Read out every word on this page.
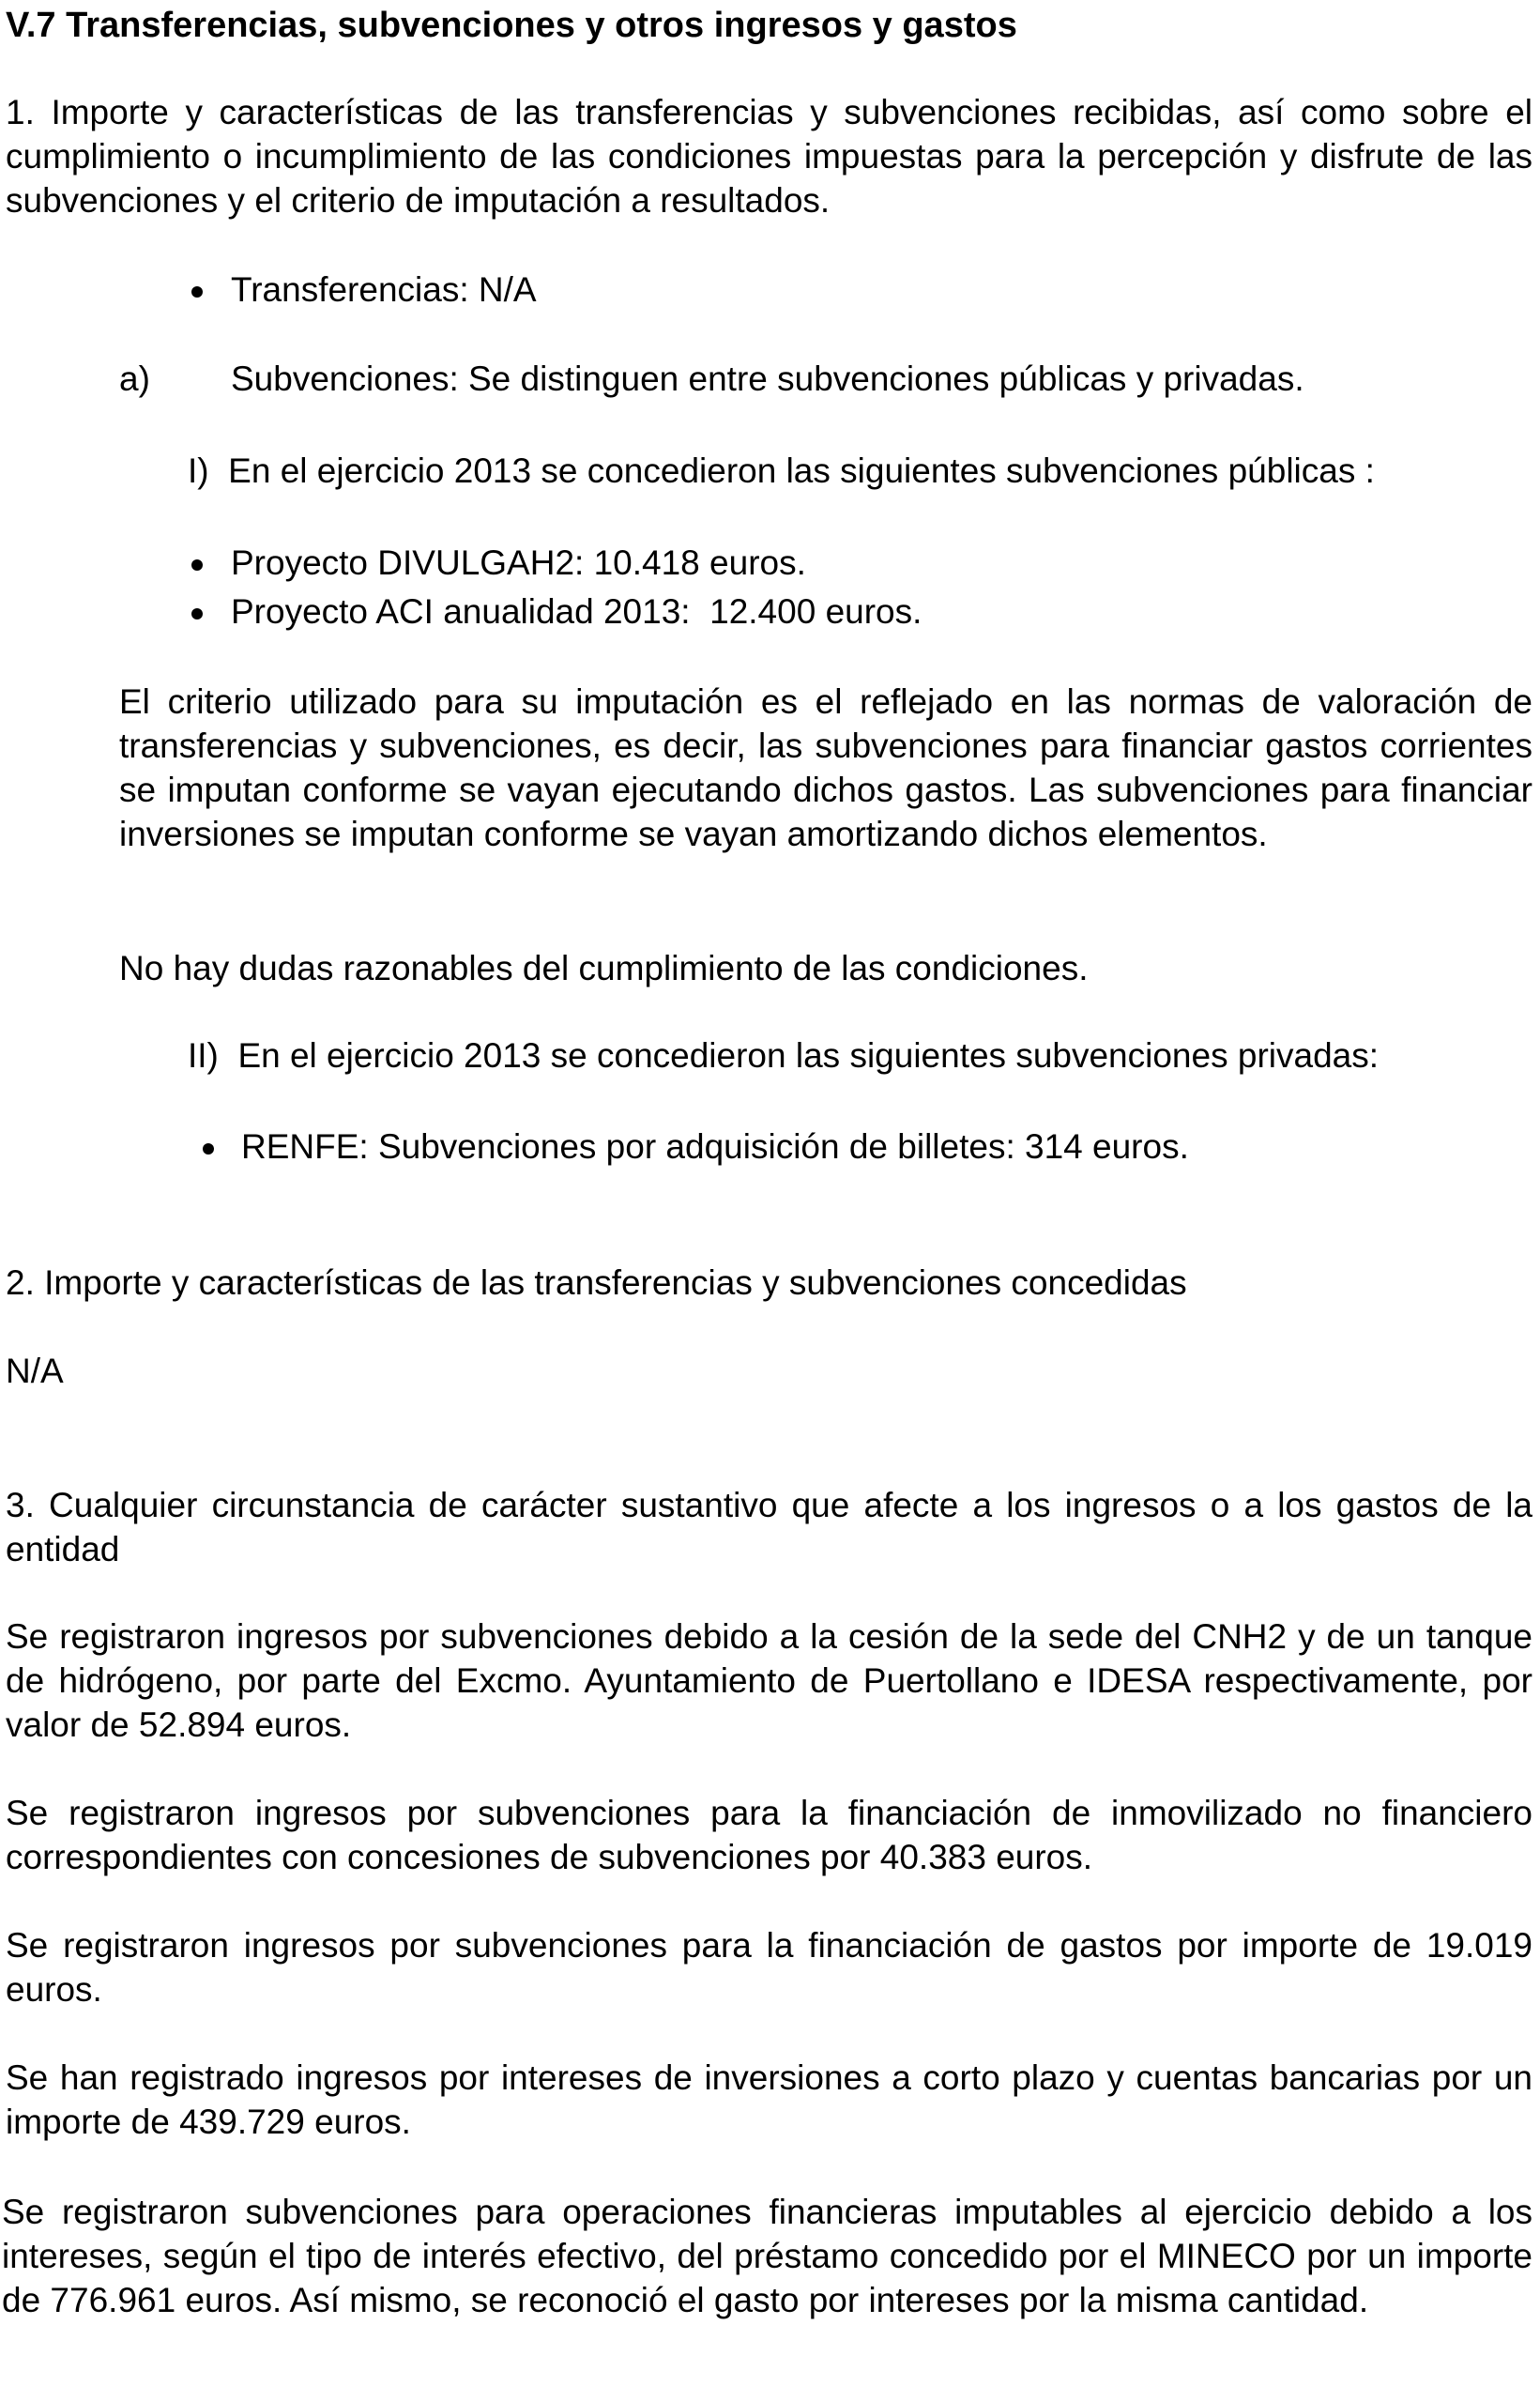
V.7 Transferencias, subvenciones y otros ingresos y gastos

1. Importe y características de las transferencias y subvenciones recibidas, así como sobre el cumplimiento o incumplimiento de las condiciones impuestas para la percepción y disfrute de las subvenciones y el criterio de imputación a resultados.

Transferencias: N/A

a) Subvenciones: Se distinguen entre subvenciones públicas y privadas.

I)  En el ejercicio 2013 se concedieron las siguientes subvenciones públicas :

Proyecto DIVULGAH2: 10.418 euros.

Proyecto ACI anualidad 2013:  12.400 euros.

El criterio utilizado para su imputación es el reflejado en las normas de valoración de transferencias y subvenciones, es decir, las subvenciones para financiar gastos corrientes se imputan conforme se vayan ejecutando dichos gastos. Las subvenciones para financiar inversiones se imputan conforme se vayan amortizando dichos elementos.

No hay dudas razonables del cumplimiento de las condiciones.

II)  En el ejercicio 2013 se concedieron las siguientes subvenciones privadas:

RENFE: Subvenciones por adquisición de billetes: 314 euros.

2. Importe y características de las transferencias y subvenciones concedidas

N/A

3. Cualquier circunstancia de carácter sustantivo que afecte a los ingresos o a los gastos de la entidad

Se registraron ingresos por subvenciones debido a la cesión de la sede del CNH2 y de un tanque de hidrógeno, por parte del Excmo. Ayuntamiento de Puertollano e IDESA respectivamente, por valor de 52.894 euros.

Se registraron ingresos por subvenciones para la financiación de inmovilizado no financiero correspondientes con concesiones de subvenciones por 40.383 euros.

Se registraron ingresos por subvenciones para la financiación de gastos por importe de 19.019 euros.

Se han registrado ingresos por intereses de inversiones a corto plazo y cuentas bancarias por un importe de 439.729 euros.

Se registraron subvenciones para operaciones financieras imputables al ejercicio debido a los intereses, según el tipo de interés efectivo, del préstamo concedido por el MINECO por un importe de 776.961 euros. Así mismo, se reconoció el gasto por intereses por la misma cantidad.
